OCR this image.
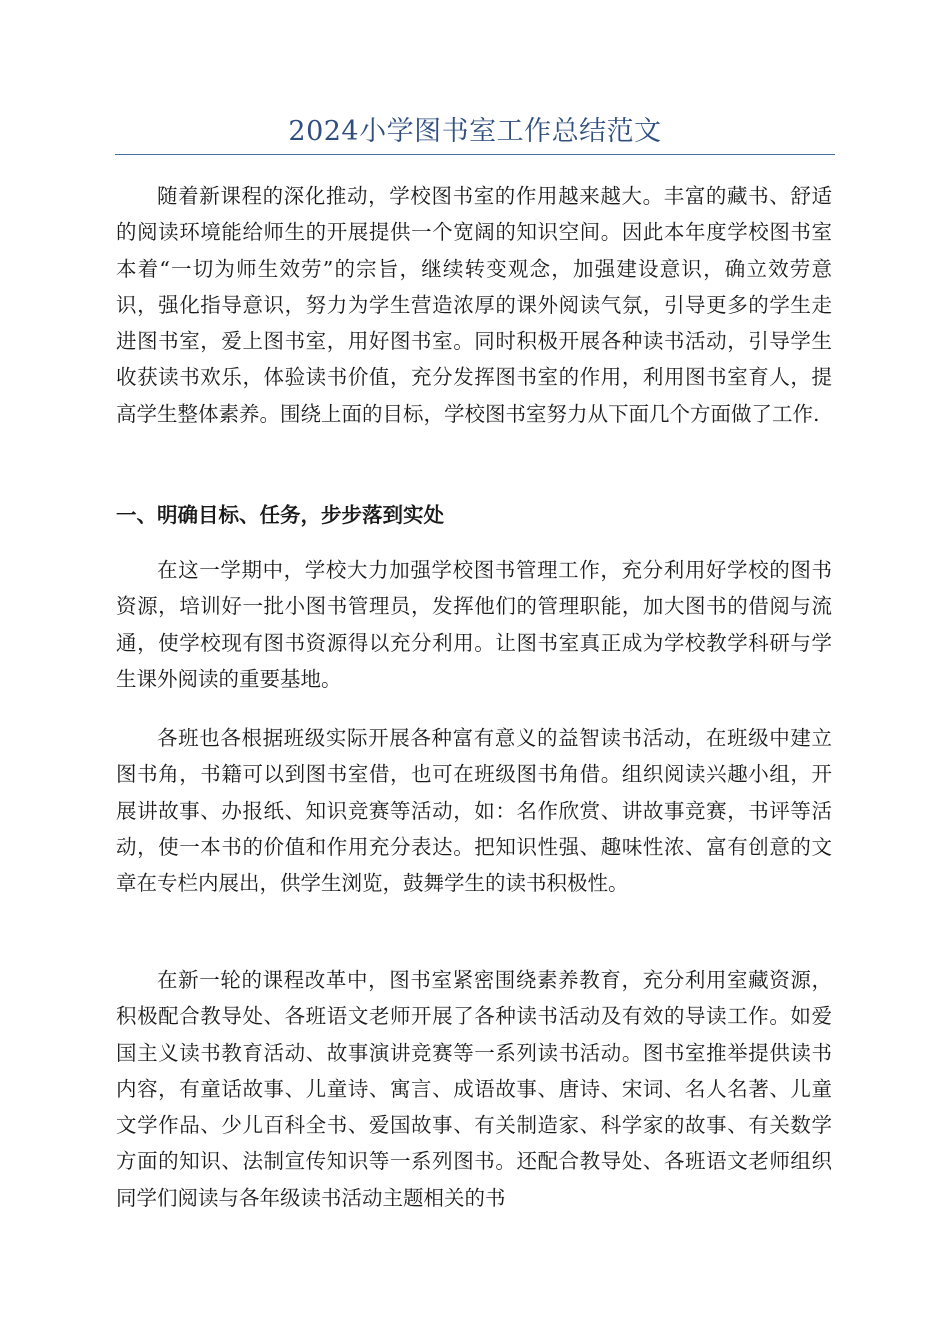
2024小学图书室工作总结范文

随着新课程的深化推动，学校图书室的作用越来越大。丰富的藏书、舒适的阅读环境能给师生的开展提供一个宽阔的知识空间。因此本年度学校图书室本着“一切为师生效劳”的宗旨，继续转变观念，加强建设意识，确立效劳意识，强化指导意识，努力为学生营造浓厚的课外阅读气氛，引导更多的学生走进图书室，爱上图书室，用好图书室。同时积极开展各种读书活动，引导学生收获读书欢乐，体验读书价值，充分发挥图书室的作用，利用图书室育人，提高学生整体素养。围绕上面的目标，学校图书室努力从下面几个方面做了工作.

一、明确目标、任务，步步落到实处

在这一学期中，学校大力加强学校图书管理工作，充分利用好学校的图书资源，培训好一批小图书管理员，发挥他们的管理职能，加大图书的借阅与流通，使学校现有图书资源得以充分利用。让图书室真正成为学校教学科研与学生课外阅读的重要基地。

各班也各根据班级实际开展各种富有意义的益智读书活动，在班级中建立图书角，书籍可以到图书室借，也可在班级图书角借。组织阅读兴趣小组，开展讲故事、办报纸、知识竞赛等活动，如：名作欣赏、讲故事竞赛，书评等活动，使一本书的价值和作用充分表达。把知识性强、趣味性浓、富有创意的文章在专栏内展出，供学生浏览，鼓舞学生的读书积极性。

在新一轮的课程改革中，图书室紧密围绕素养教育，充分利用室藏资源，积极配合教导处、各班语文老师开展了各种读书活动及有效的导读工作。如爱国主义读书教育活动、故事演讲竞赛等一系列读书活动。图书室推举提供读书内容，有童话故事、儿童诗、寓言、成语故事、唐诗、宋词、名人名著、儿童文学作品、少儿百科全书、爱国故事、有关制造家、科学家的故事、有关数学方面的知识、法制宣传知识等一系列图书。还配合教导处、各班语文老师组织同学们阅读与各年级读书活动主题相关的书
